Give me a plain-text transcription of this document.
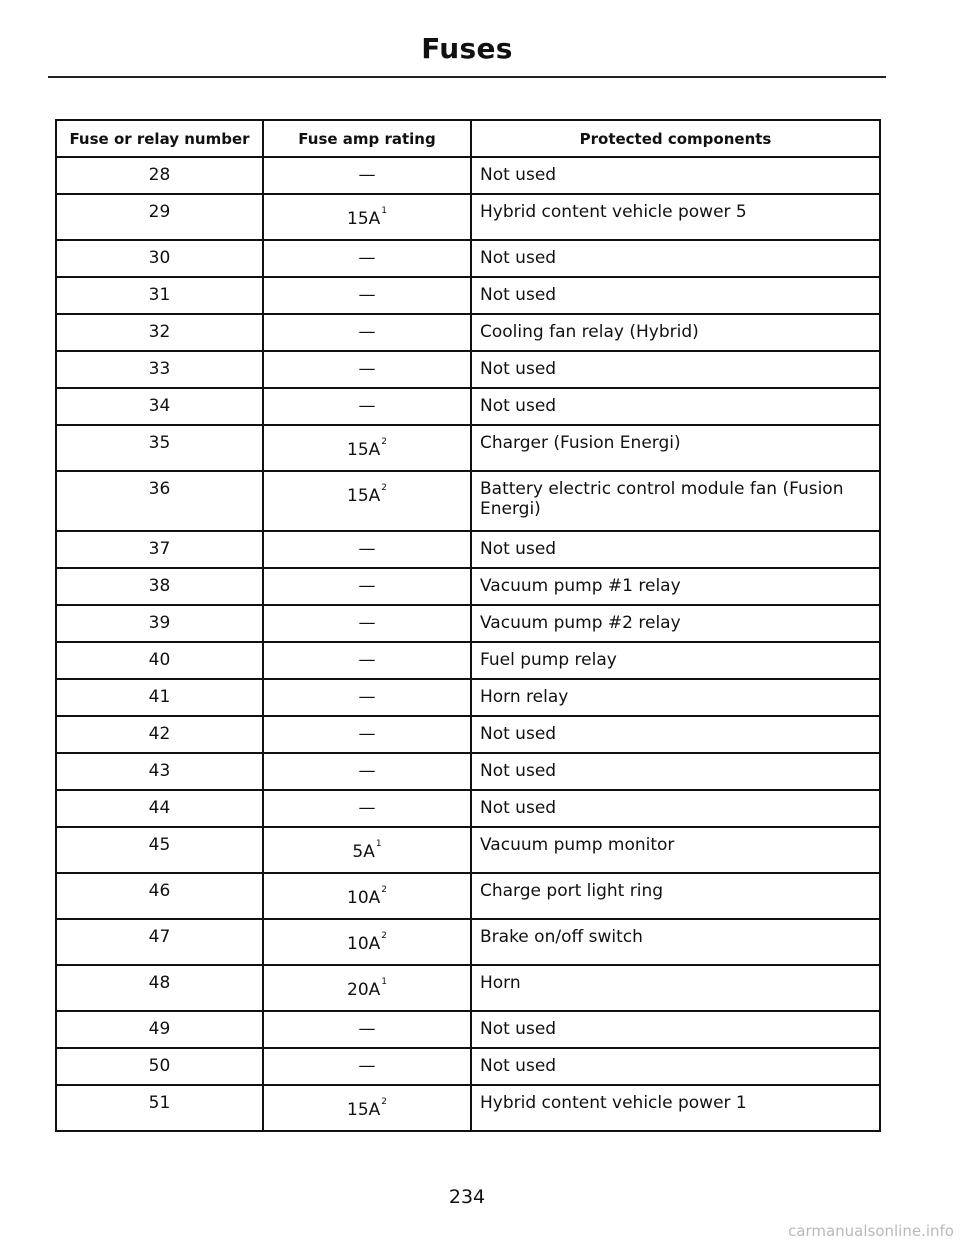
Fuses
Fuse or relay number	Fuse amp rating	Protected components
28	—	Not used
29	$15A^1$	Hybrid content vehicle power 5
30	—	Not used
31	—	Not used
32	—	Cooling fan relay (Hybrid)
33	—	Not used
34	—	Not used
35	$15A^2$	Charger (Fusion Energi)
36	$15A^2$	Battery electric control module fan (Fusion Energi)
37	—	Not used
38	—	Vacuum pump #1 relay
39	—	Vacuum pump #2 relay
40	—	Fuel pump relay
41	—	Horn relay
42	—	Not used
43	—	Not used
44	—	Not used
45	$5A^1$	Vacuum pump monitor
46	$10A^2$	Charge port light ring
47	$10A^2$	Brake on/off switch
48	$20A^1$	Horn
49	—	Not used
50	—	Not used
51	$15A^2$	Hybrid content vehicle power 1
234
carmanualsonline.info
